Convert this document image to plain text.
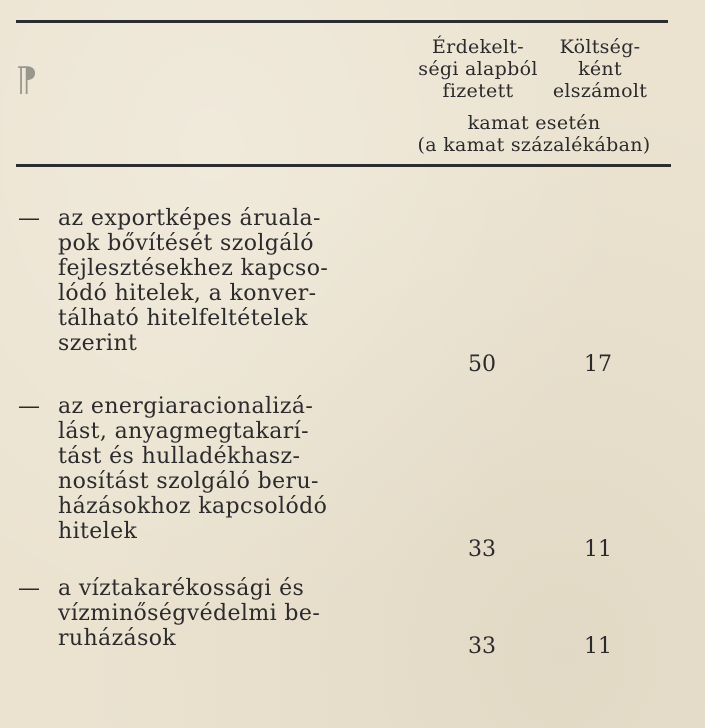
⁋
Érdekelt-
ségi alapból
fizetett
Költség-
ként
elszámolt
kamat esetén
(a kamat százalékában)
— az exportképes áruala-
pok bővítését szolgáló
fejlesztésekhez kapcso-
lódó hitelek, a konver-
tálható hitelfeltételek
szerint
50	17
— az energiaracionalizá-
lást, anyagmegtakarí-
tást és hulladékhasz-
nosítást szolgáló beru-
házásokhoz kapcsolódó
hitelek
33	11
— a víztakarékossági és
vízminőségvédelmi be-
ruházások	33	11
